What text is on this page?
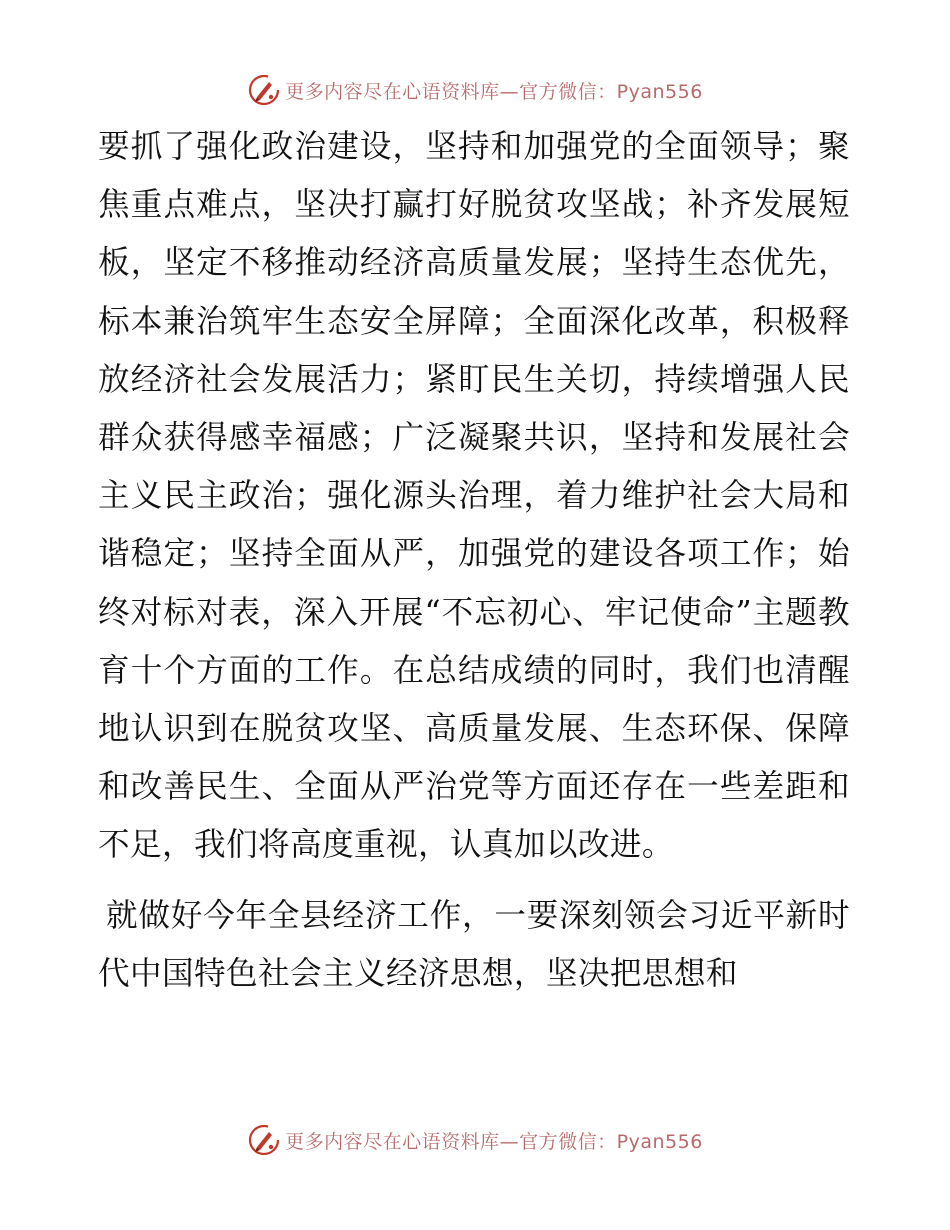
更多内容尽在心语资料库—官方微信：Pyan556

要抓了强化政治建设，坚持和加强党的全面领导；聚焦重点难点，坚决打赢打好脱贫攻坚战；补齐发展短板，坚定不移推动经济高质量发展；坚持生态优先，标本兼治筑牢生态安全屏障；全面深化改革，积极释放经济社会发展活力；紧盯民生关切，持续增强人民群众获得感幸福感；广泛凝聚共识，坚持和发展社会主义民主政治；强化源头治理，着力维护社会大局和谐稳定；坚持全面从严，加强党的建设各项工作；始终对标对表，深入开展“不忘初心、牢记使命”主题教育十个方面的工作。在总结成绩的同时，我们也清醒地认识到在脱贫攻坚、高质量发展、生态环保、保障和改善民生、全面从严治党等方面还存在一些差距和不足，我们将高度重视，认真加以改进。

就做好今年全县经济工作，一要深刻领会习近平新时代中国特色社会主义经济思想，坚决把思想和

更多内容尽在心语资料库—官方微信：Pyan556
